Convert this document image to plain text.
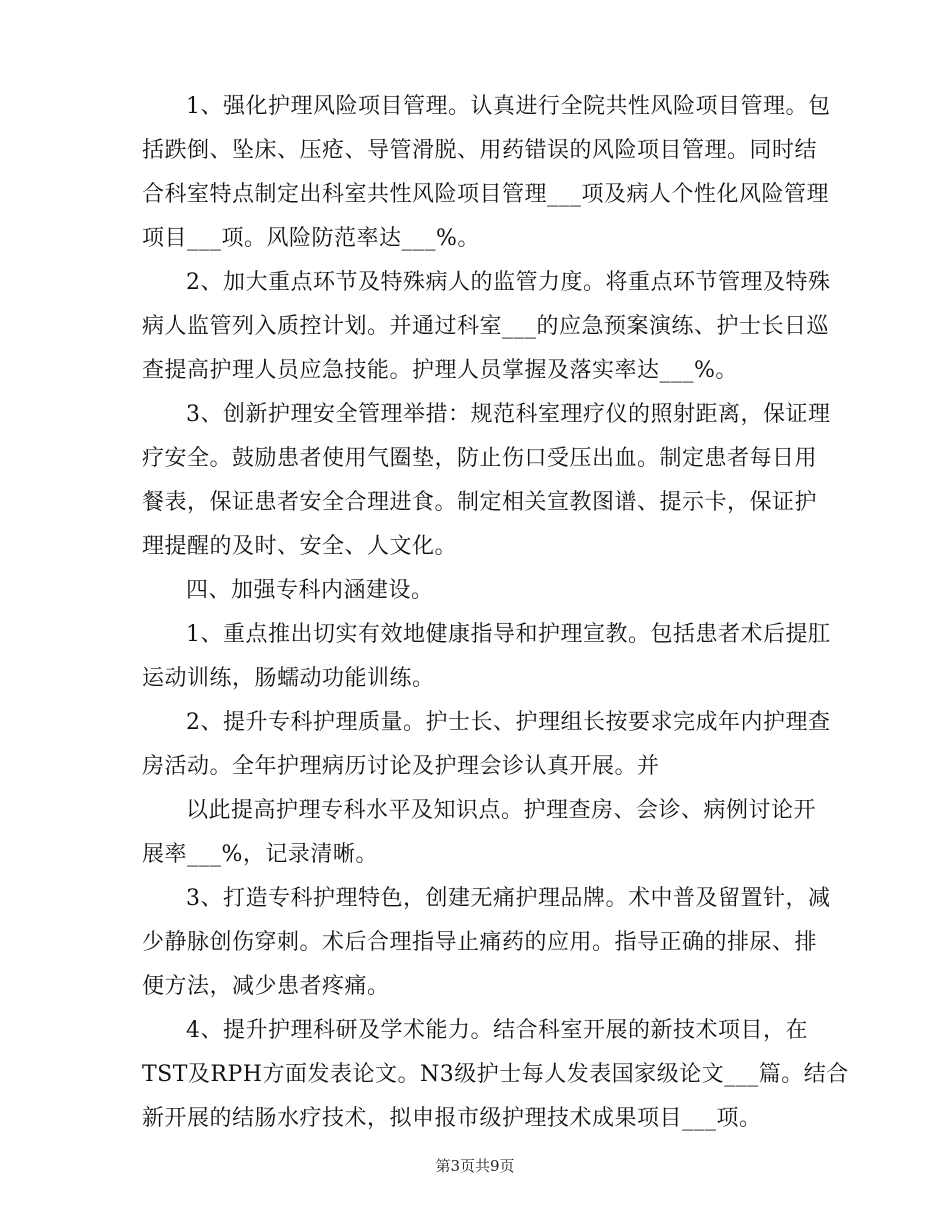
1、强化护理风险项目管理。认真进行全院共性风险项目管理。包
括跌倒、坠床、压疮、导管滑脱、用药错误的风险项目管理。同时结
合科室特点制定出科室共性风险项目管理___项及病人个性化风险管理
项目___项。风险防范率达___%。
2、加大重点环节及特殊病人的监管力度。将重点环节管理及特殊
病人监管列入质控计划。并通过科室___的应急预案演练、护士长日巡
查提高护理人员应急技能。护理人员掌握及落实率达___%。
3、创新护理安全管理举措：规范科室理疗仪的照射距离，保证理
疗安全。鼓励患者使用气圈垫，防止伤口受压出血。制定患者每日用
餐表，保证患者安全合理进食。制定相关宣教图谱、提示卡，保证护
理提醒的及时、安全、人文化。
四、加强专科内涵建设。
1、重点推出切实有效地健康指导和护理宣教。包括患者术后提肛
运动训练，肠蠕动功能训练。
2、提升专科护理质量。护士长、护理组长按要求完成年内护理查
房活动。全年护理病历讨论及护理会诊认真开展。并
以此提高护理专科水平及知识点。护理查房、会诊、病例讨论开
展率___%，记录清晰。
3、打造专科护理特色，创建无痛护理品牌。术中普及留置针，减
少静脉创伤穿刺。术后合理指导止痛药的应用。指导正确的排尿、排
便方法，减少患者疼痛。
4、提升护理科研及学术能力。结合科室开展的新技术项目，在
TST及RPH方面发表论文。N3级护士每人发表国家级论文___篇。结合
新开展的结肠水疗技术，拟申报市级护理技术成果项目___项。
第3页共9页
